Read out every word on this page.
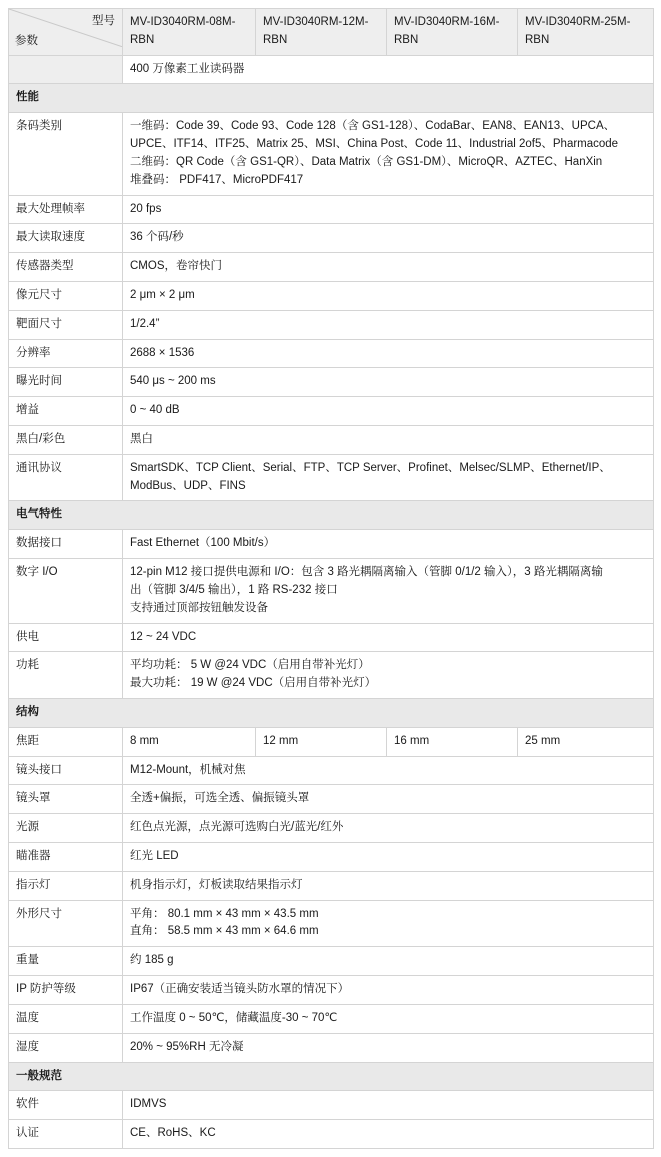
型号
参数	MV-ID3040RM-08M-RBN	MV-ID3040RM-12M-RBN	MV-ID3040RM-16M-RBN	MV-ID3040RM-25M-RBN
	400 万像素工业读码器			
性能				
条码类别	一维码：Code 39、Code 93、Code 128（含 GS1-128）、CodaBar、EAN8、EAN13、UPCA、
UPCE、ITF14、ITF25、Matrix 25、MSI、China Post、Code 11、Industrial 2of5、Pharmacode
二维码：QR Code（含 GS1-QR）、Data Matrix（含 GS1-DM）、MicroQR、AZTEC、HanXin
堆叠码： PDF417、MicroPDF417			

最大处理帧率	20 fps			

最大读取速度	36 个码/秒			

传感器类型	CMOS，卷帘快门			

像元尺寸	2 μm × 2 μm			

靶面尺寸	1/2.4”			

分辨率	2688 × 1536			

曝光时间	540 μs ~ 200 ms			

增益	0 ~ 40 dB			

黑白/彩色	黑白			

通讯协议	SmartSDK、TCP Client、Serial、FTP、TCP Server、Profinet、Melsec/SLMP、Ethernet/IP、
ModBus、UDP、FINS			

电气特性				
数据接口	Fast Ethernet（100 Mbit/s）			

数字 I/O	12-pin M12 接口提供电源和 I/O：包含 3 路光耦隔离输入（管脚 0/1/2 输入），3 路光耦隔离输
出（管脚 3/4/5 输出），1 路 RS-232 接口
支持通过顶部按钮触发设备			

供电	12 ~ 24 VDC			

功耗	平均功耗： 5 W @24 VDC（启用自带补光灯）
最大功耗： 19 W @24 VDC（启用自带补光灯）			

结构				
焦距	8 mm	12 mm	16 mm	25 mm
镜头接口	M12-Mount，机械对焦			

镜头罩	全透+偏振，可选全透、偏振镜头罩			

光源	红色点光源，点光源可选购白光/蓝光/红外			

瞄准器	红光 LED			

指示灯	机身指示灯，灯板读取结果指示灯			

外形尺寸	平角： 80.1 mm × 43 mm × 43.5 mm
直角： 58.5 mm × 43 mm × 64.6 mm			

重量	约 185 g			

IP 防护等级	IP67（正确安装适当镜头防水罩的情况下）			

温度	工作温度 0 ~ 50℃，储藏温度-30 ~ 70℃			

湿度	20% ~ 95%RH 无冷凝			

一般规范				
软件	IDMVS			

认证	CE、RoHS、KC			
